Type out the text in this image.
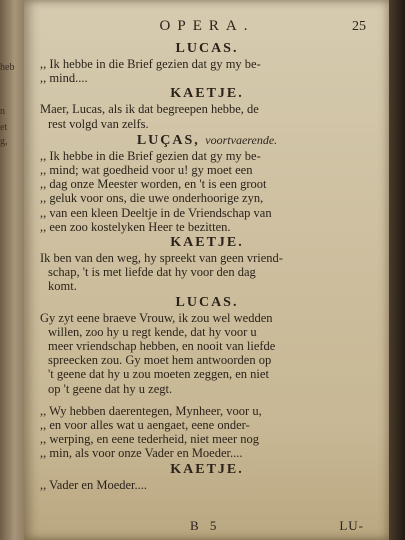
heb
n
et
g,
OPERA.	25
LUCAS.

,, Ik hebbe in die Brief gezien dat gy my be-

,, mind....

KAETJE.

Maer, Lucas, als ik dat begreepen hebbe, de

rest volgd van zelfs.

LUÇAS, voortvaerende.

,, Ik hebbe in die Brief gezien dat gy my be-

,, mind; wat goedheid voor u! gy moet een

,, dag onze Meester worden, en 't is een groot

,, geluk voor ons, die uwe onderhoorige zyn,

,, van een kleen Deeltje in de Vriendschap van

,, een zoo kostelyken Heer te bezitten.

KAETJE.

Ik ben van den weg, hy spreekt van geen vriend-

schap, 't is met liefde dat hy voor den dag

komt.

LUCAS.

Gy zyt eene braeve Vrouw, ik zou wel wedden

willen, zoo hy u regt kende, dat hy voor u

meer vriendschap hebben, en nooit van liefde

spreecken zou. Gy moet hem antwoorden op

't geene dat hy u zou moeten zeggen, en niet

op 't geene dat hy u zegt.

,, Wy hebben daerentegen, Mynheer, voor u,

,, en voor alles wat u aengaet, eene onder-

,, werping, en eene tederheid, niet meer nog

,, min, als voor onze Vader en Moeder....

KAETJE.

,, Vader en Moeder....

B 5	LU-
